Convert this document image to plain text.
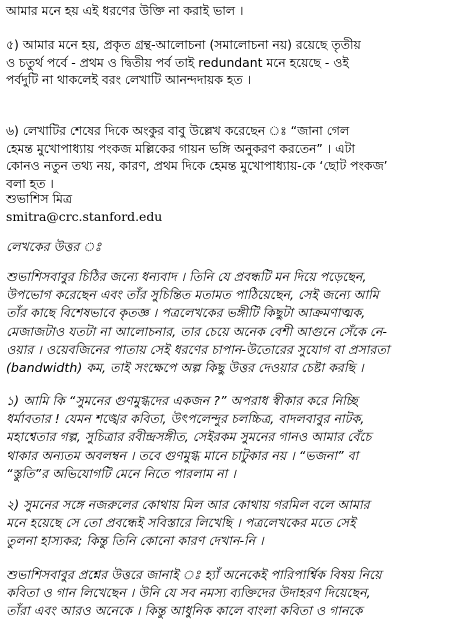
আমার মনে হয় এই ধরণের উক্তি না করাই ভাল ।

৫) আমার মনে হয়, প্রকৃত গ্রন্থ-আলোচনা (সমালোচনা নয়) রয়েছে তৃতীয়

ও চতুর্থ পর্বে - প্রথম ও দ্বিতীয় পর্ব তাই redundant মনে হয়েছে - ওই

পর্বদুটি না থাকলেই বরং লেখাটি আনন্দদায়ক হত ।

৬) লেখাটির শেষের দিকে অংকুর বাবু উল্লেখ করেছেন ঃ “জানা গেল

হেমন্ত মুখোপাধ্যায় পংকজ মল্লিকের গায়ন ভঙ্গি অনুকরণ করতেন” । এটা

কোনও নতুন তথ্য নয়, কারণ, প্রথম দিকে হেমন্ত মুখোপাধ্যায়-কে ‘ছোট পংকজ’

বলা হত ।

শুভাশিস মিত্র

smitra@crc.stanford.edu

লেখকের উত্তর ঃ

শুভাশিসবাবুর চিঠির জন্যে ধন্যবাদ । তিনি যে প্রবন্ধটি মন দিয়ে পড়েছেন,

উপভোগ করেছেন এবং তাঁর সুচিন্তিত মতামত পাঠিয়েছেন, সেই জন্যে আমি

তাঁর কাছে বিশেষভাবে কৃতজ্ঞ । পত্রলেখকের ভঙ্গীটি কিছুটা আক্রমণাত্মক,

মেজাজটাও যতটা না আলোচনার, তার চেয়ে অনেক বেশী আগুনে সেঁকে নে-

ওয়ার । ওয়েবজিনের পাতায় সেই ধরণের চাপান-উতোরের সুযোগ বা প্রসারতা

(bandwidth) কম, তাই সংক্ষেপে অল্প কিছু উত্তর দেওয়ার চেষ্টা করছি ।

১) আমি কি “সুমনের গুণমুগ্ধদের একজন ?” অপরাধ স্বীকার করে নিচ্ছি

ধর্মাবতার ! যেমন শঙ্খের কবিতা, উৎপলেন্দুর চলচ্চিত্র, বাদলবাবুর নাটক,

মহাশ্বেতার গল্প, সুচিত্রার রবীন্দ্রসঙ্গীত, সেইরকম সুমনের গানও আমার বেঁচে

থাকার অন্যতম অবলম্বন । তবে গুণমুগ্ধ মানে চাটুকার নয় । “ভজনা” বা

“স্তুতি”র অভিযোগটি মেনে নিতে পারলাম না ।

২) সুমনের সঙ্গে নজরুলের কোথায় মিল আর কোথায় গরমিল বলে আমার

মনে হয়েছে সে তো প্রবন্ধেই সবিস্তারে লিখেছি । পত্রলেখকের মতে সেই

তুলনা হাস্যকর; কিন্তু তিনি কোনো কারণ দেখান-নি ।

শুভাশিসবাবুর প্রশ্নের উত্তরে জানাই ঃ হ্যাঁ অনেকেই পারিপার্শ্বিক বিষয় নিয়ে

কবিতা ও গান লিখেছেন । উনি যে সব নমস্য ব্যক্তিদের উদাহরণ দিয়েছেন,

তাঁরা এবং আরও অনেকে । কিন্তু আধুনিক কালে বাংলা কবিতা ও গানকে
